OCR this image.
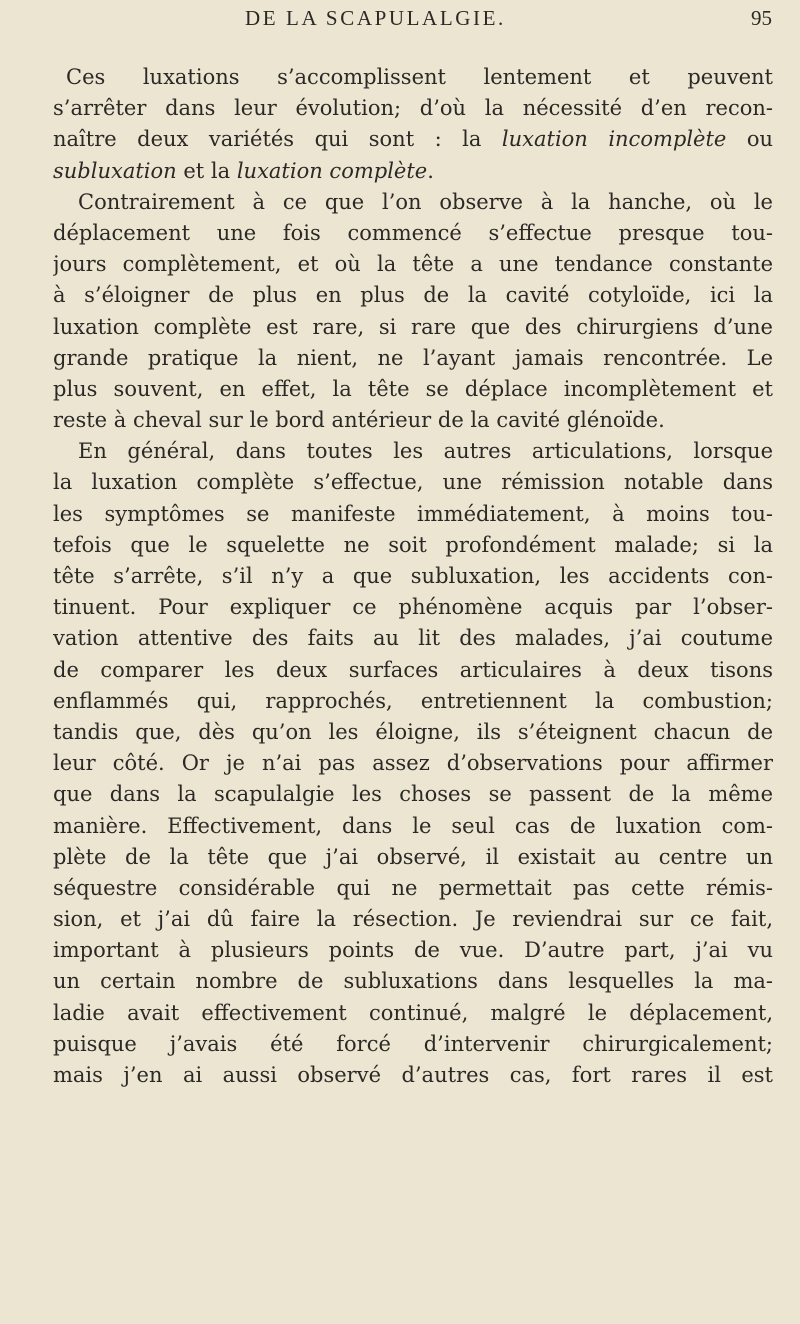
DE LA SCAPULALGIE.	95
Ces luxations s’accomplissent lentement et peuvent
s’arrêter dans leur évolution; d’où la nécessité d’en recon-
naître deux variétés qui sont : la luxation incomplète ou
subluxation et la luxation complète.
Contrairement à ce que l’on observe à la hanche, où le
déplacement une fois commencé s’effectue presque tou-
jours complètement, et où la tête a une tendance constante
à s’éloigner de plus en plus de la cavité cotyloïde, ici la
luxation complète est rare, si rare que des chirurgiens d’une
grande pratique la nient, ne l’ayant jamais rencontrée. Le
plus souvent, en effet, la tête se déplace incomplètement et
reste à cheval sur le bord antérieur de la cavité glénoïde.
En général, dans toutes les autres articulations, lorsque
la luxation complète s’effectue, une rémission notable dans
les symptômes se manifeste immédiatement, à moins tou-
tefois que le squelette ne soit profondément malade; si la
tête s’arrête, s’il n’y a que subluxation, les accidents con-
tinuent. Pour expliquer ce phénomène acquis par l’obser-
vation attentive des faits au lit des malades, j’ai coutume
de comparer les deux surfaces articulaires à deux tisons
enflammés qui, rapprochés, entretiennent la combustion;
tandis que, dès qu’on les éloigne, ils s’éteignent chacun de
leur côté. Or je n’ai pas assez d’observations pour affirmer
que dans la scapulalgie les choses se passent de la même
manière. Effectivement, dans le seul cas de luxation com-
plète de la tête que j’ai observé, il existait au centre un
séquestre considérable qui ne permettait pas cette rémis-
sion, et j’ai dû faire la résection. Je reviendrai sur ce fait,
important à plusieurs points de vue. D’autre part, j’ai vu
un certain nombre de subluxations dans lesquelles la ma-
ladie avait effectivement continué, malgré le déplacement,
puisque j’avais été forcé d’intervenir chirurgicalement;
mais j’en ai aussi observé d’autres cas, fort rares il est
